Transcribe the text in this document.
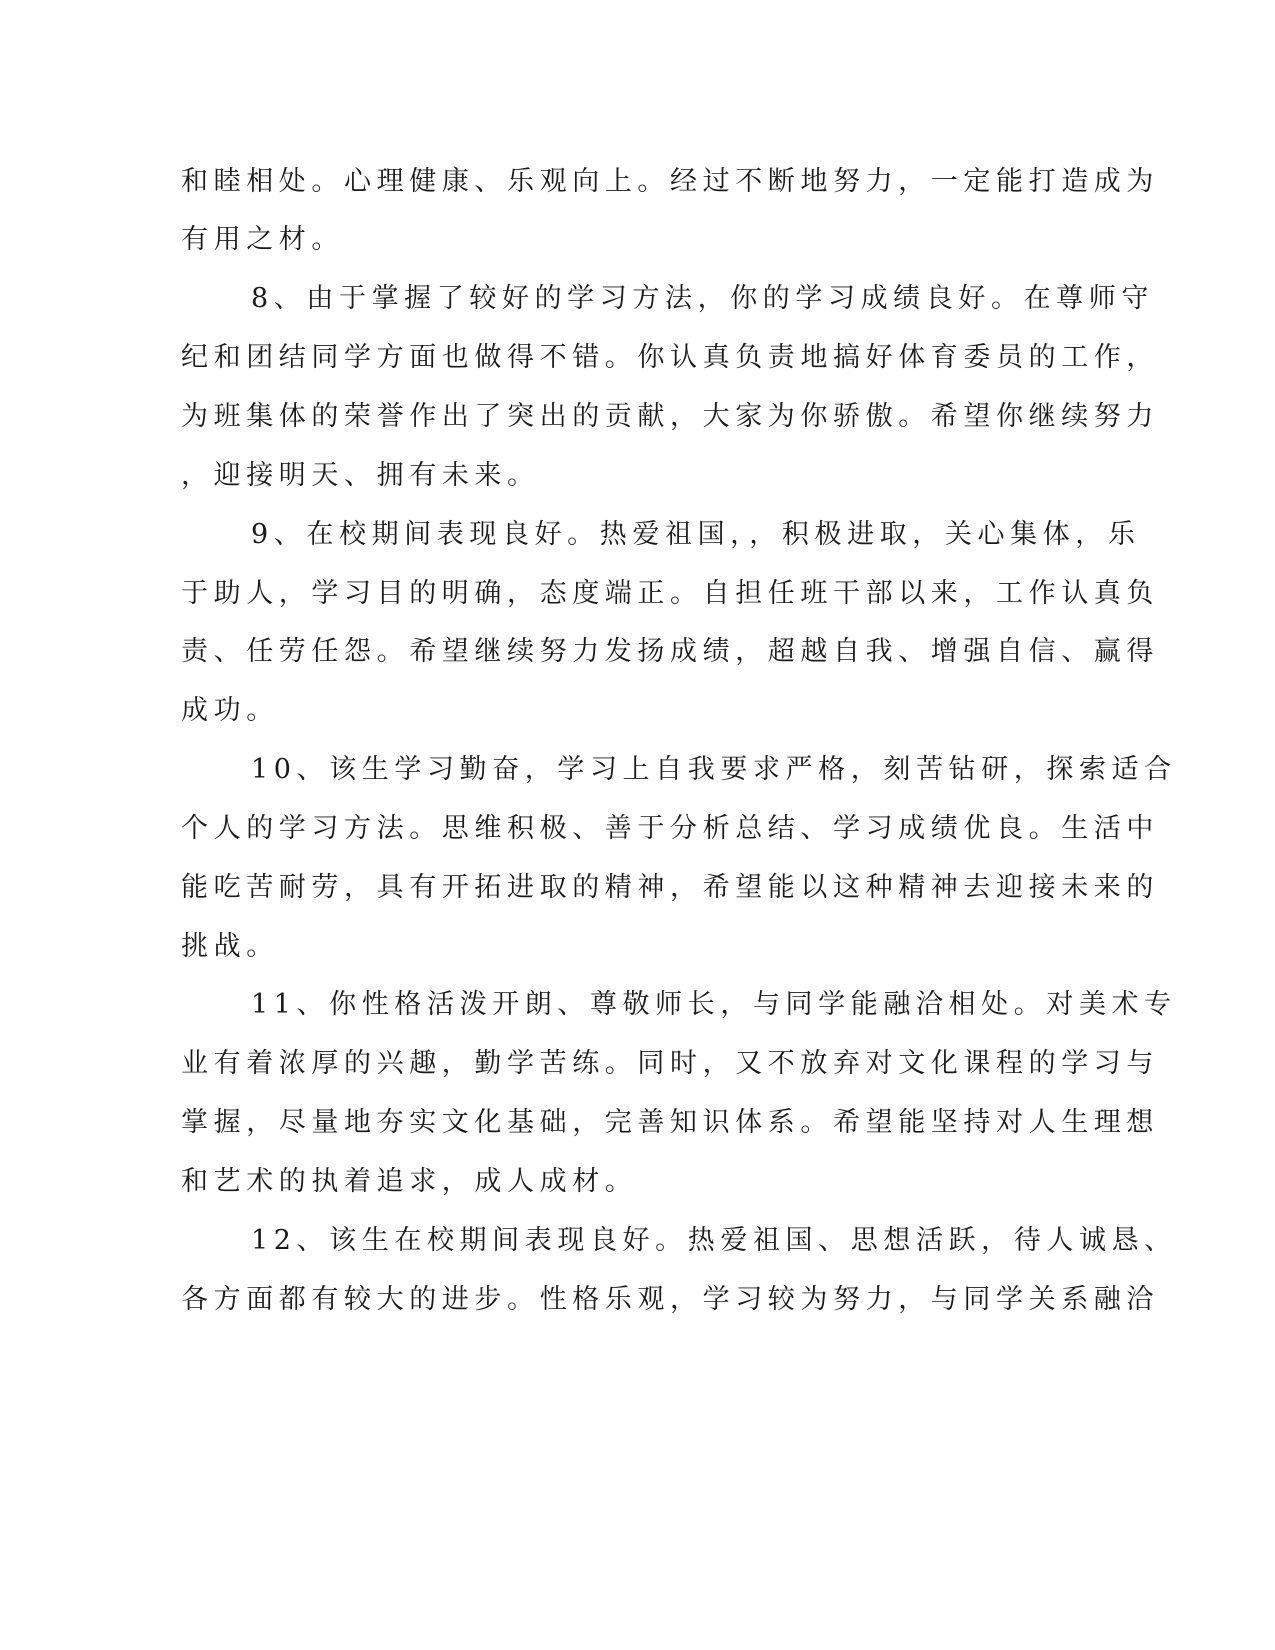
和睦相处。心理健康、乐观向上。经过不断地努力，一定能打造成为
有用之材。
8、由于掌握了较好的学习方法，你的学习成绩良好。在尊师守
纪和团结同学方面也做得不错。你认真负责地搞好体育委员的工作，
为班集体的荣誉作出了突出的贡献，大家为你骄傲。希望你继续努力
，迎接明天、拥有未来。
9、在校期间表现良好。热爱祖国，，积极进取，关心集体，乐
于助人，学习目的明确，态度端正。自担任班干部以来，工作认真负
责、任劳任怨。希望继续努力发扬成绩，超越自我、增强自信、赢得
成功。
10、该生学习勤奋，学习上自我要求严格，刻苦钻研，探索适合
个人的学习方法。思维积极、善于分析总结、学习成绩优良。生活中
能吃苦耐劳，具有开拓进取的精神，希望能以这种精神去迎接未来的
挑战。
11、你性格活泼开朗、尊敬师长，与同学能融洽相处。对美术专
业有着浓厚的兴趣，勤学苦练。同时，又不放弃对文化课程的学习与
掌握，尽量地夯实文化基础，完善知识体系。希望能坚持对人生理想
和艺术的执着追求，成人成材。
12、该生在校期间表现良好。热爱祖国、思想活跃，待人诚恳、
各方面都有较大的进步。性格乐观，学习较为努力，与同学关系融洽
